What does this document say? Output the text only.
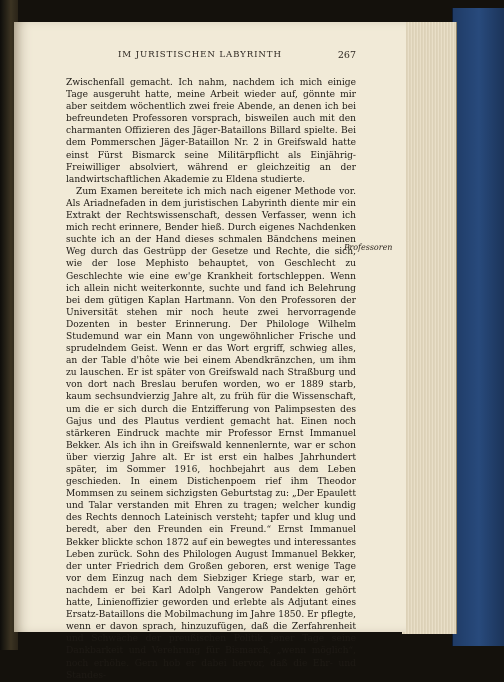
IM JURISTISCHEN LABYRINTH	267

Zwischenfall gemacht. Ich nahm, nachdem ich mich einige Tage ausgeruht hatte, meine Arbeit wieder auf, gönnte mir aber seitdem wöchentlich zwei freie Abende, an denen ich bei befreundeten Professoren vorsprach, bisweilen auch mit den charmanten Offizieren des Jäger-Bataillons Billard spielte. Bei dem Pommerschen Jäger-Bataillon Nr. 2 in Greifswald hatte einst Fürst Bismarck seine Militärpflicht als Einjährig-Freiwilliger absolviert, während er gleichzeitig an der landwirtschaftlichen Akademie zu Eldena studierte.

Zum Examen bereitete ich mich nach eigener Methode vor. Als Ariadnefaden in dem juristischen Labyrinth diente mir ein Extrakt der Rechtswissenschaft, dessen Verfasser, wenn ich mich recht erinnere, Bender hieß. Durch eigenes Nachdenken suchte ich an der Hand dieses schmalen Bändchens meinen Weg durch das Gestrüpp der Gesetze und Rechte, die sich, wie der lose Mephisto behauptet, von Geschlecht zu Geschlechte wie eine ew'ge Krankheit fortschleppen. Wenn ich allein nicht weiterkonnte, suchte und fand ich Belehrung bei dem gütigen Kaplan Hartmann. Von den Professoren der Universität stehen mir noch heute zwei hervorragende Dozenten in bester Erinnerung. Der Philologe Wilhelm Studemund war ein Mann von ungewöhnlicher Frische und sprudelndem Geist. Wenn er das Wort ergriff, schwieg alles, an der Table d'hôte wie bei einem Abendkränzchen, um ihm zu lauschen. Er ist später von Greifswald nach Straßburg und von dort nach Breslau berufen worden, wo er 1889 starb, kaum sechsundvierzig Jahre alt, zu früh für die Wissenschaft, um die er sich durch die Entzifferung von Palimpsesten des Gajus und des Plautus verdient gemacht hat. Einen noch stärkeren Eindruck machte mir Professor Ernst Immanuel Bekker. Als ich ihn in Greifswald kennenlernte, war er schon über vierzig Jahre alt. Er ist erst ein halbes Jahrhundert später, im Sommer 1916, hochbejahrt aus dem Leben geschieden. In einem Distichenpoem rief ihm Theodor Mommsen zu seinem sichzigsten Geburtstag zu: „Der Epaulett und Talar verstanden mit Ehren zu tragen; welcher kundig des Rechts dennoch Lateinisch versteht; tapfer und klug und beredt, aber den Freunden ein Freund.“ Ernst Immanuel Bekker blickte schon 1872 auf ein bewegtes und interessantes Leben zurück. Sohn des Philologen August Immanuel Bekker, der unter Friedrich dem Großen geboren, erst wenige Tage vor dem Einzug nach dem Siebziger Kriege starb, war er, nachdem er bei Karl Adolph Vangerow Pandekten gehört hatte, Linienoffizier geworden und erlebte als Adjutant eines Ersatz-Bataillons die Mobilmachung im Jahre 1850. Er pflegte, wenn er davon sprach, hinzuzufügen, daß die Zerfahrenheit und Schwäche der preußischen Politik jener Tage seine Dankbarkeit und Verehrung für Bismarck, „wenn möglich“, noch erhöhe. Gern hob er dabei hervor, daß die Ehr- und Standes-

Professoren
